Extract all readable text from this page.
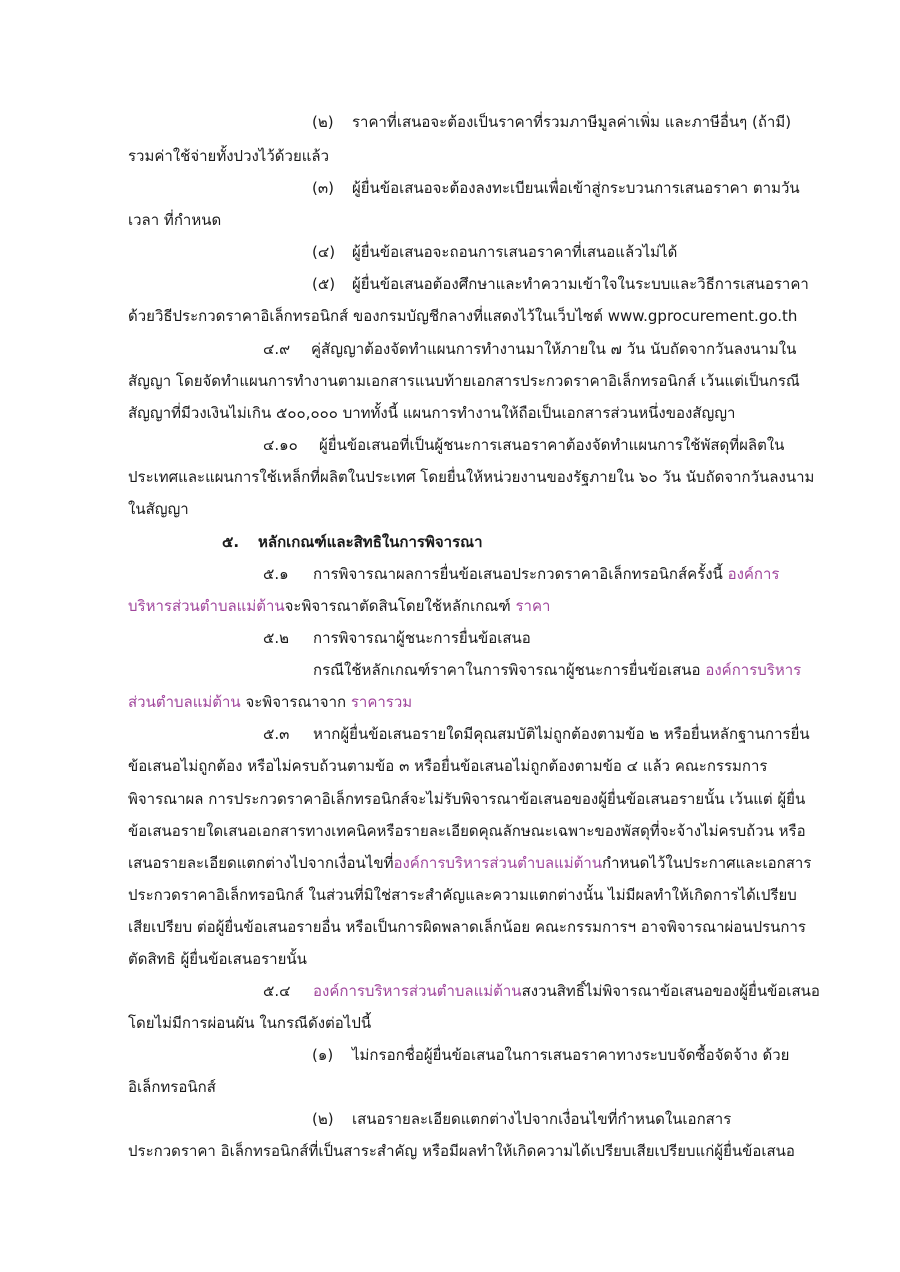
(๒) ราคาที่เสนอจะต้องเป็นราคาที่รวมภาษีมูลค่าเพิ่ม และภาษีอื่นๆ (ถ้ามี)
รวมค่าใช้จ่ายทั้งปวงไว้ด้วยแล้ว
(๓) ผู้ยื่นข้อเสนอจะต้องลงทะเบียนเพื่อเข้าสู่กระบวนการเสนอราคา ตามวัน
เวลา ที่กำหนด
(๔) ผู้ยื่นข้อเสนอจะถอนการเสนอราคาที่เสนอแล้วไม่ได้
(๕) ผู้ยื่นข้อเสนอต้องศึกษาและทำความเข้าใจในระบบและวิธีการเสนอราคา
ด้วยวิธีประกวดราคาอิเล็กทรอนิกส์ ของกรมบัญชีกลางที่แสดงไว้ในเว็บไซต์ www.gprocurement.go.th
๔.๙ คู่สัญญาต้องจัดทำแผนการทำงานมาให้ภายใน ๗ วัน นับถัดจากวันลงนามใน
สัญญา โดยจัดทำแผนการทำงานตามเอกสารแนบท้ายเอกสารประกวดราคาอิเล็กทรอนิกส์ เว้นแต่เป็นกรณี
สัญญาที่มีวงเงินไม่เกิน ๕๐๐,๐๐๐ บาททั้งนี้ แผนการทำงานให้ถือเป็นเอกสารส่วนหนึ่งของสัญญา
๔.๑๐ ผู้ยื่นข้อเสนอที่เป็นผู้ชนะการเสนอราคาต้องจัดทำแผนการใช้พัสดุที่ผลิตใน
ประเทศและแผนการใช้เหล็กที่ผลิตในประเทศ โดยยื่นให้หน่วยงานของรัฐภายใน ๖๐ วัน นับถัดจากวันลงนาม
ในสัญญา
๕. หลักเกณฑ์และสิทธิในการพิจารณา
๕.๑ การพิจารณาผลการยื่นข้อเสนอประกวดราคาอิเล็กทรอนิกส์ครั้งนี้ องค์การ
บริหารส่วนตำบลแม่ต้านจะพิจารณาตัดสินโดยใช้หลักเกณฑ์ ราคา
๕.๒ การพิจารณาผู้ชนะการยื่นข้อเสนอ
กรณีใช้หลักเกณฑ์ราคาในการพิจารณาผู้ชนะการยื่นข้อเสนอ องค์การบริหาร
ส่วนตำบลแม่ต้าน จะพิจารณาจาก ราคารวม
๕.๓ หากผู้ยื่นข้อเสนอรายใดมีคุณสมบัติไม่ถูกต้องตามข้อ ๒ หรือยื่นหลักฐานการยื่น
ข้อเสนอไม่ถูกต้อง หรือไม่ครบถ้วนตามข้อ ๓ หรือยื่นข้อเสนอไม่ถูกต้องตามข้อ ๔ แล้ว คณะกรรมการ
พิจารณาผล การประกวดราคาอิเล็กทรอนิกส์จะไม่รับพิจารณาข้อเสนอของผู้ยื่นข้อเสนอรายนั้น เว้นแต่ ผู้ยื่น
ข้อเสนอรายใดเสนอเอกสารทางเทคนิคหรือรายละเอียดคุณลักษณะเฉพาะของพัสดุที่จะจ้างไม่ครบถ้วน หรือ
เสนอรายละเอียดแตกต่างไปจากเงื่อนไขที่องค์การบริหารส่วนตำบลแม่ต้านกำหนดไว้ในประกาศและเอกสาร
ประกวดราคาอิเล็กทรอนิกส์ ในส่วนที่มิใช่สาระสำคัญและความแตกต่างนั้น ไม่มีผลทำให้เกิดการได้เปรียบ
เสียเปรียบ ต่อผู้ยื่นข้อเสนอรายอื่น หรือเป็นการผิดพลาดเล็กน้อย คณะกรรมการฯ อาจพิจารณาผ่อนปรนการ
ตัดสิทธิ ผู้ยื่นข้อเสนอรายนั้น
๕.๔ องค์การบริหารส่วนตำบลแม่ต้านสงวนสิทธิ์ไม่พิจารณาข้อเสนอของผู้ยื่นข้อเสนอ
โดยไม่มีการผ่อนผัน ในกรณีดังต่อไปนี้
(๑) ไม่กรอกชื่อผู้ยื่นข้อเสนอในการเสนอราคาทางระบบจัดซื้อจัดจ้าง ด้วย
อิเล็กทรอนิกส์
(๒) เสนอรายละเอียดแตกต่างไปจากเงื่อนไขที่กำหนดในเอกสาร
ประกวดราคา อิเล็กทรอนิกส์ที่เป็นสาระสำคัญ หรือมีผลทำให้เกิดความได้เปรียบเสียเปรียบแก่ผู้ยื่นข้อเสนอ
